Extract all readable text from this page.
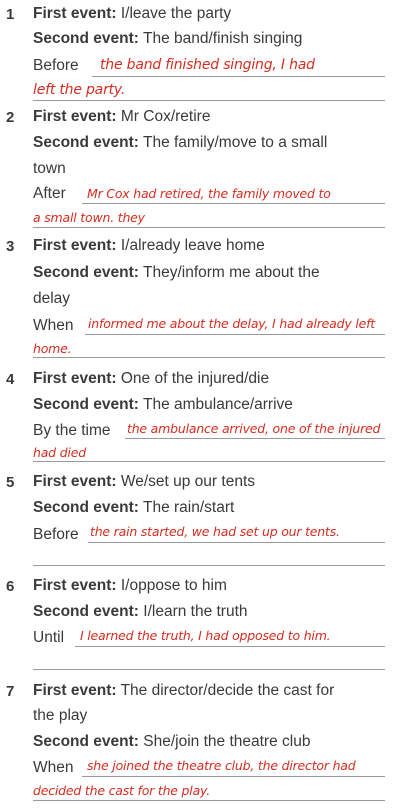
1 First event: I/leave the party
Second event: The band/finish singing
Before the band finished singing, I had
left the party.
2 First event: Mr Cox/retire
Second event: The family/move to a small
town
After Mr Cox had retired, the family moved to
a small town. they
3 First event: I/already leave home
Second event: They/inform me about the
delay
When informed me about the delay, I had already left
home.
4 First event: One of the injured/die
Second event: The ambulance/arrive
By the time the ambulance arrived, one of the injured
had died
5 First event: We/set up our tents
Second event: The rain/start
Before the rain started, we had set up our tents.
6 First event: I/oppose to him
Second event: I/learn the truth
Until I learned the truth, I had opposed to him.
7 First event: The director/decide the cast for
the play
Second event: She/join the theatre club
When she joined the theatre club, the director had
decided the cast for the play.
